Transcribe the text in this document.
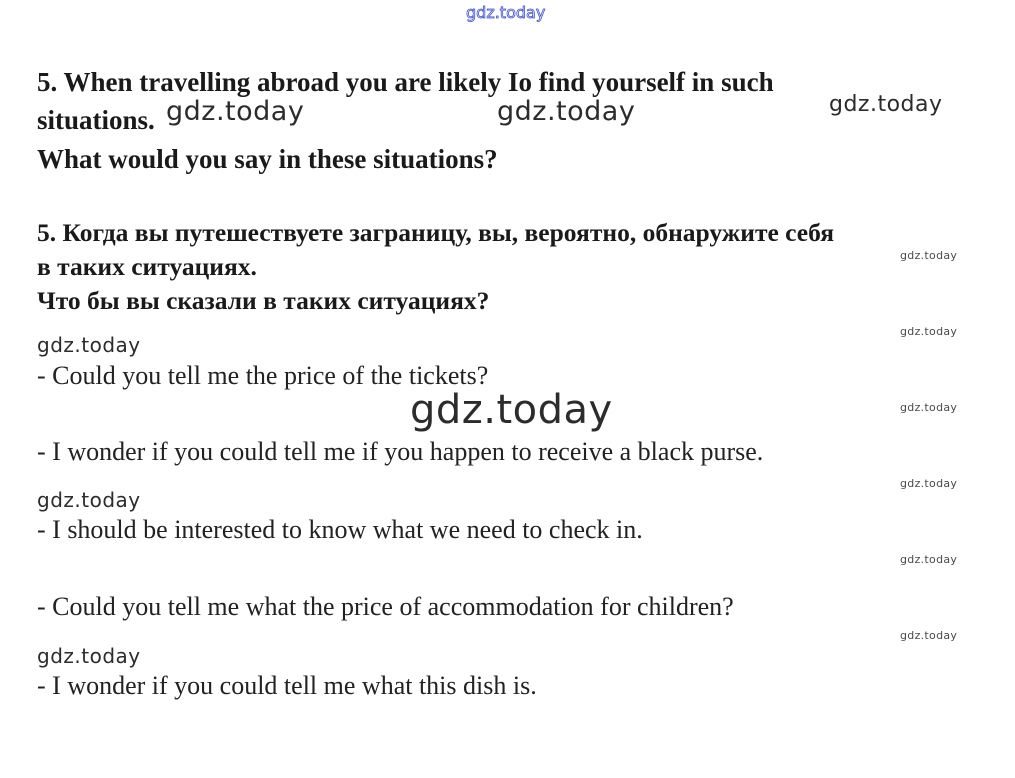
gdz.today
5. When travelling abroad you are likely Io find yourself in such
situations.
What would you say in these situations?
gdz.today	gdz.today	gdz.today
5. Когда вы путешествуете заграницу, вы, вероятно, обнаружите себя
в таких ситуациях.
Что бы вы сказали в таких ситуациях?
gdz.today
gdz.today
gdz.today
gdz.today
gdz.today
gdz.today
gdz.today
gdz.today
gdz.today
gdz.today
- Could you tell me the price of the tickets?
- I wonder if you could tell me if you happen to receive a black purse.
- I should be interested to know what we need to check in.
- Could you tell me what the price of accommodation for children?
- I wonder if you could tell me what this dish is.
